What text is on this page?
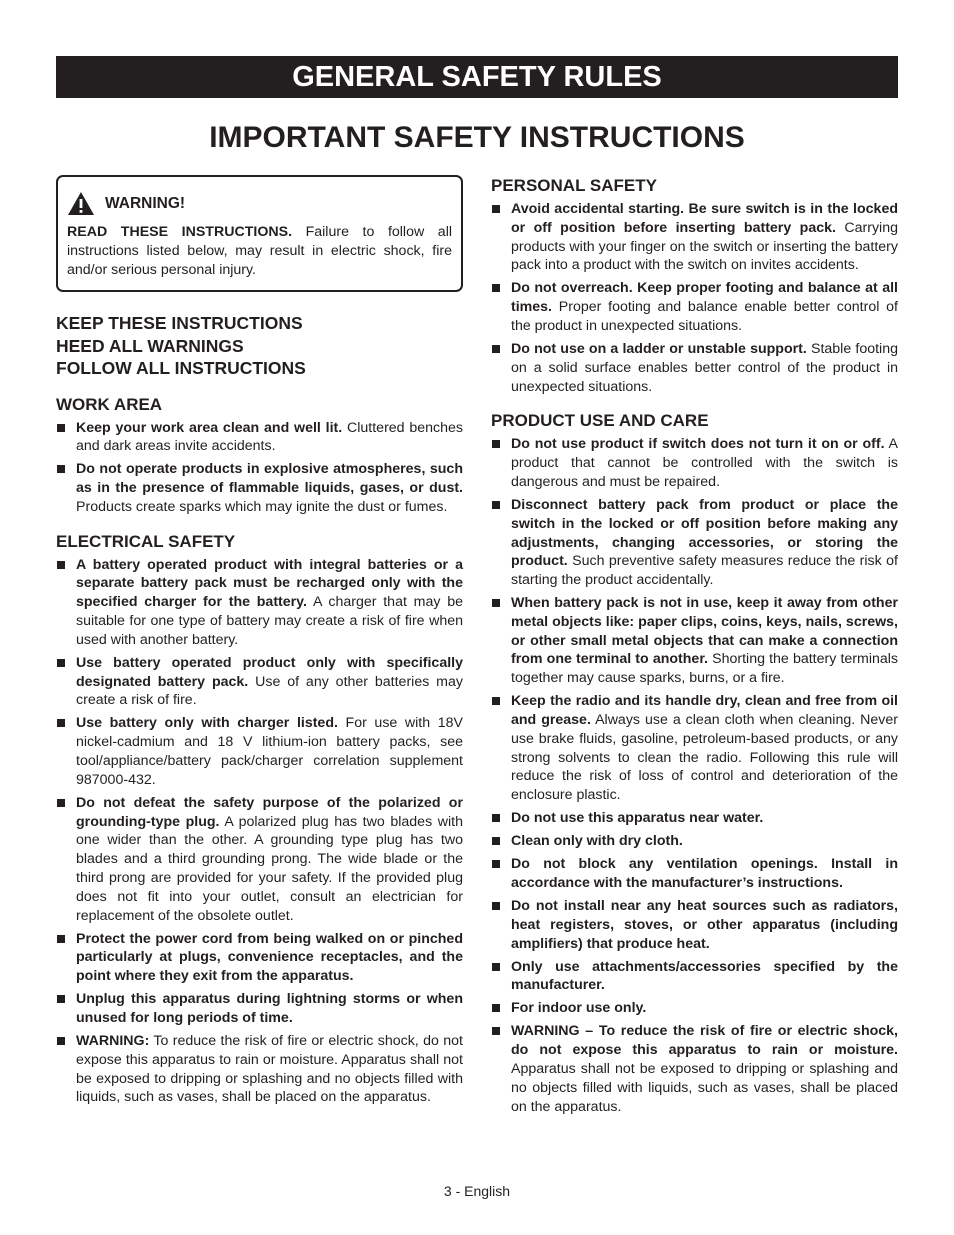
GENERAL SAFETY RULES
IMPORTANT SAFETY INSTRUCTIONS
WARNING!
READ THESE INSTRUCTIONS. Failure to follow all instructions listed below, may result in electric shock, fire and/or serious personal injury.
KEEP THESE INSTRUCTIONS
HEED ALL WARNINGS
FOLLOW ALL INSTRUCTIONS
WORK AREA
Keep your work area clean and well lit. Cluttered benches and dark areas invite accidents.
Do not operate products in explosive atmospheres, such as in the presence of flammable liquids, gases, or dust. Products create sparks which may ignite the dust or fumes.
ELECTRICAL SAFETY
A battery operated product with integral batteries or a separate battery pack must be recharged only with the specified charger for the battery. A charger that may be suitable for one type of battery may create a risk of fire when used with another battery.
Use battery operated product only with specifically designated battery pack. Use of any other batteries may create a risk of fire.
Use battery only with charger listed. For use with 18V nickel-cadmium and 18 V lithium-ion battery packs, see tool/appliance/battery pack/charger correlation supplement 987000-432.
Do not defeat the safety purpose of the polarized or grounding-type plug. A polarized plug has two blades with one wider than the other. A grounding type plug has two blades and a third grounding prong. The wide blade or the third prong are provided for your safety. If the provided plug does not fit into your outlet, consult an electrician for replacement of the obsolete outlet.
Protect the power cord from being walked on or pinched particularly at plugs, convenience receptacles, and the point where they exit from the apparatus.
Unplug this apparatus during lightning storms or when unused for long periods of time.
WARNING: To reduce the risk of fire or electric shock, do not expose this apparatus to rain or moisture. Apparatus shall not be exposed to dripping or splashing and no objects filled with liquids, such as vases, shall be placed on the apparatus.
PERSONAL SAFETY
Avoid accidental starting. Be sure switch is in the locked or off position before inserting battery pack. Carrying products with your finger on the switch or inserting the battery pack into a product with the switch on invites accidents.
Do not overreach. Keep proper footing and balance at all times. Proper footing and balance enable better control of the product in unexpected situations.
Do not use on a ladder or unstable support. Stable footing on a solid surface enables better control of the product in unexpected situations.
PRODUCT USE AND CARE
Do not use product if switch does not turn it on or off. A product that cannot be controlled with the switch is dangerous and must be repaired.
Disconnect battery pack from product or place the switch in the locked or off position before making any adjustments, changing accessories, or storing the product. Such preventive safety measures reduce the risk of starting the product accidentally.
When battery pack is not in use, keep it away from other metal objects like: paper clips, coins, keys, nails, screws, or other small metal objects that can make a connection from one terminal to another. Shorting the battery terminals together may cause sparks, burns, or a fire.
Keep the radio and its handle dry, clean and free from oil and grease. Always use a clean cloth when cleaning. Never use brake fluids, gasoline, petroleum-based products, or any strong solvents to clean the radio. Following this rule will reduce the risk of loss of control and deterioration of the enclosure plastic.
Do not use this apparatus near water.
Clean only with dry cloth.
Do not block any ventilation openings. Install in accordance with the manufacturer’s instructions.
Do not install near any heat sources such as radiators, heat registers, stoves, or other apparatus (including amplifiers) that produce heat.
Only use attachments/accessories specified by the manufacturer.
For indoor use only.
WARNING – To reduce the risk of fire or electric shock, do not expose this apparatus to rain or moisture. Apparatus shall not be exposed to dripping or splashing and no objects filled with liquids, such as vases, shall be placed on the apparatus.
3 - English
